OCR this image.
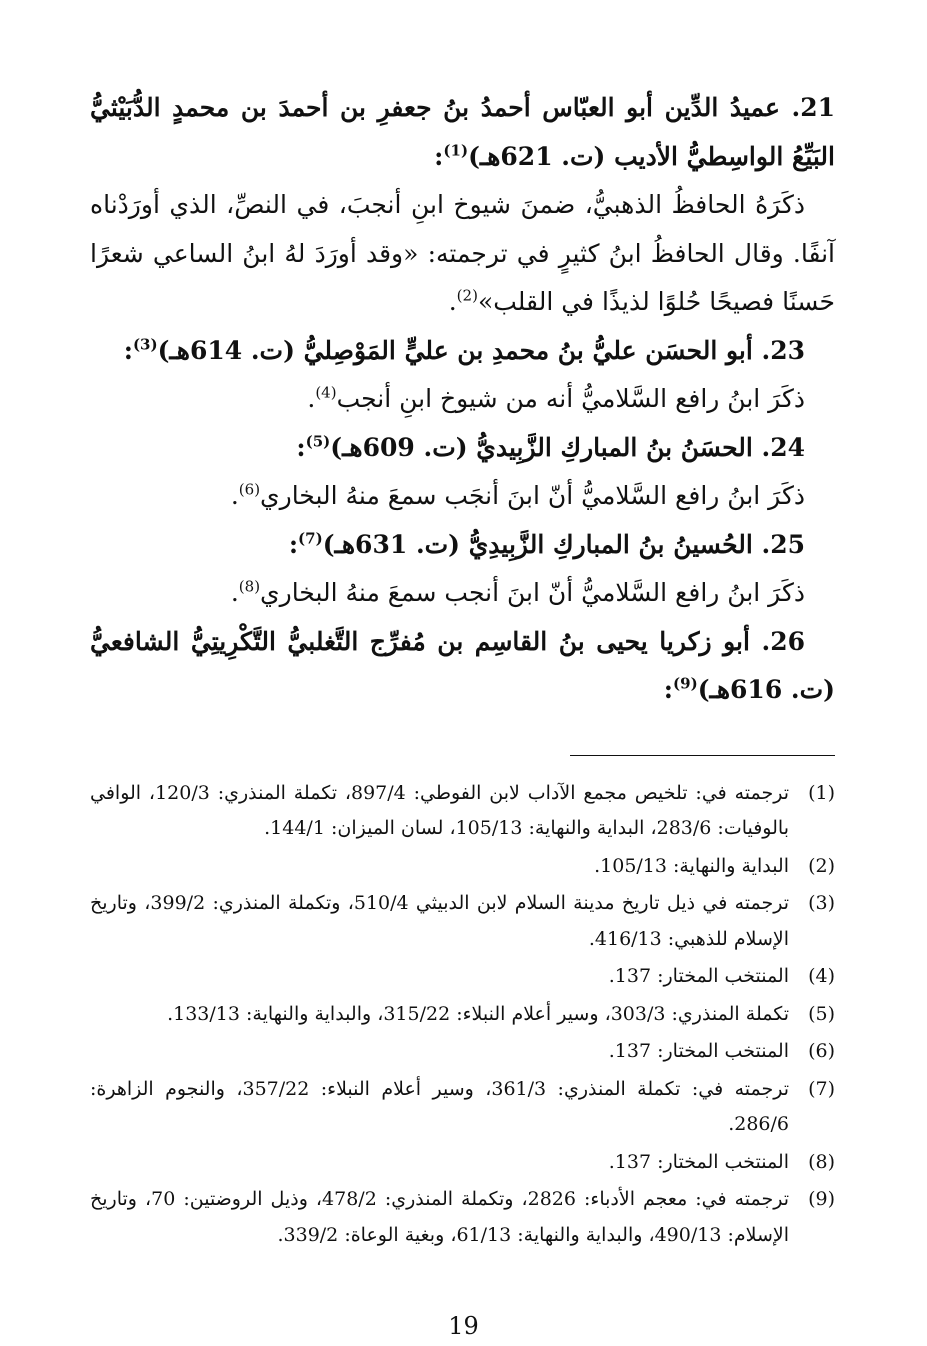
21. عميدُ الدِّين أبو العبّاس أحمدُ بنُ جعفرِ بن أحمدَ بن محمدٍ الدُّبَيْثيُّ البَيِّعُ الواسِطيُّ الأديب (ت. 621هـ)$^{(1)}$:

ذكَرَهُ الحافظُ الذهبيُّ، ضمنَ شيوخ ابنِ أنجبَ، في النصِّ، الذي أورَدْناه آنفًا. وقال الحافظُ ابنُ كثيرٍ في ترجمته: «وقد أورَدَ لهُ ابنُ الساعي شعرًا حَسنًا فصيحًا حُلوًا لذيذًا في القلب»$^{(2)}$.

23. أبو الحسَن عليُّ بنُ محمدِ بن عليٍّ المَوْصِليُّ (ت. 614هـ)$^{(3)}$:

ذكَرَ ابنُ رافع السَّلاميُّ أنه من شيوخ ابنِ أنجب$^{(4)}$.

24. الحسَنُ بنُ المباركِ الزَّبِيديُّ (ت. 609هـ)$^{(5)}$:

ذكَرَ ابنُ رافع السَّلاميُّ أنّ ابنَ أنجَب سمعَ منهُ البخاري$^{(6)}$.

25. الحُسينُ بنُ المباركِ الزَّبِيدِيُّ (ت. 631هـ)$^{(7)}$:

ذكَرَ ابنُ رافع السَّلاميُّ أنّ ابنَ أنجب سمعَ منهُ البخاري$^{(8)}$.

26. أبو زكريا يحيى بنُ القاسِم بن مُفرِّج التَّغلبيُّ التَّكْرِيتِيُّ الشافعيُّ (ت. 616هـ)$^{(9)}$:

(1)
ترجمته في: تلخيص مجمع الآداب لابن الفوطي: 897/4، تكملة المنذري: 120/3، الوافي بالوفيات: 283/6، البداية والنهاية: 105/13، لسان الميزان: 144/1.
(2)
البداية والنهاية: 105/13.
(3)
ترجمته في ذيل تاريخ مدينة السلام لابن الدبيثي 510/4، وتكملة المنذري: 399/2، وتاريخ الإسلام للذهبي: 416/13.
(4)
المنتخب المختار: 137.
(5)
تكملة المنذري: 303/3، وسير أعلام النبلاء: 315/22، والبداية والنهاية: 133/13.
(6)
المنتخب المختار: 137.
(7)
ترجمته في: تكملة المنذري: 361/3، وسير أعلام النبلاء: 357/22، والنجوم الزاهرة: 286/6.
(8)
المنتخب المختار: 137.
(9)
ترجمته في: معجم الأدباء: 2826، وتكملة المنذري: 478/2، وذيل الروضتين: 70، وتاريخ الإسلام: 490/13، والبداية والنهاية: 61/13، وبغية الوعاة: 339/2.
19
